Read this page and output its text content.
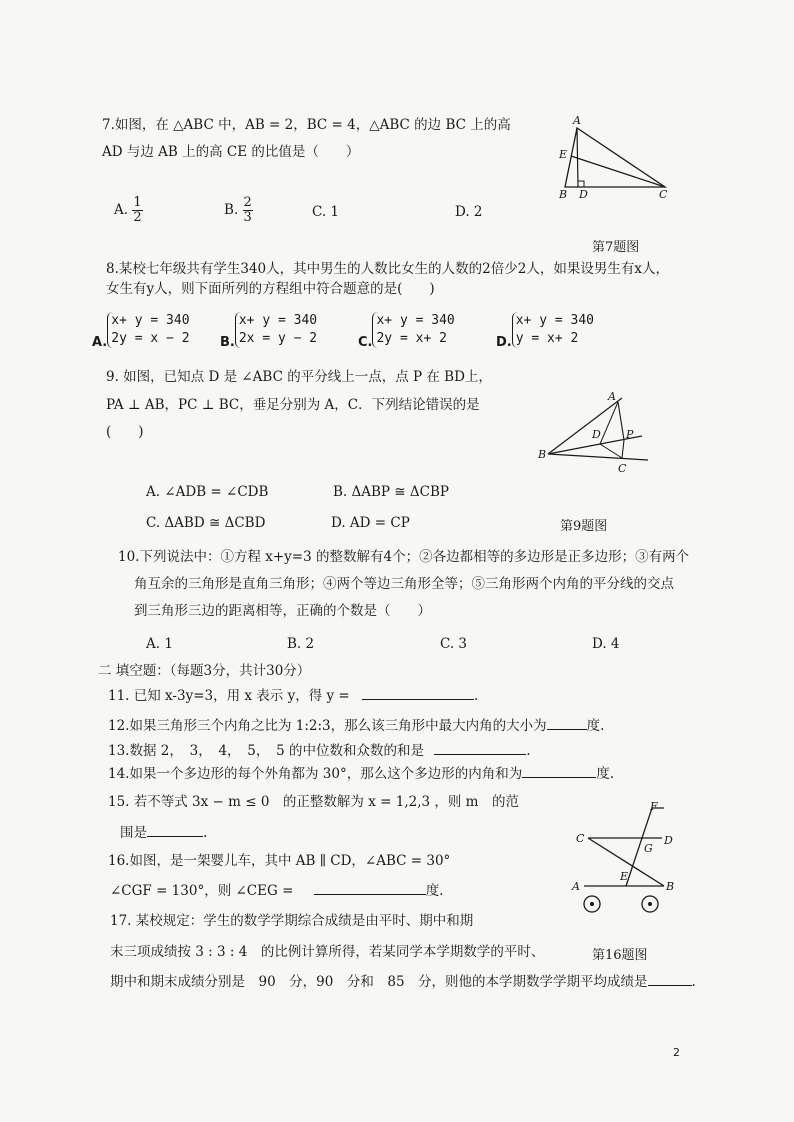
7.如图，在 △ABC 中，AB = 2，BC = 4，△ABC 的边 BC 上的高
AD 与边 AB 上的高 CE 的比值是（　　）
A. $\frac{1}{2}$	B. $\frac{2}{3}$	C. 1	D. 2
A
E
B D	C
第7题图
8.某校七年级共有学生340人，其中男生的人数比女生的人数的2倍少2人，如果设男生有x人，
女生有y人，则下面所列的方程组中符合题意的是(　　)
A.x+ y = 340
2y = x − 2 B.x+ y = 340
2x = y − 2	C.x+ y = 340
2y = x+ 2	D.x+ y = 340
y = x+ 2
9. 如图，已知点 D 是 ∠ABC 的平分线上一点，点 P 在 BD上，
PA ⊥ AB，PC ⊥ BC，垂足分别为 A，C．下列结论错误的是
(　　)
A
D P
B
C
A. ∠ADB = ∠CDB	B. ΔABP ≅ ΔCBP
C. ΔABD ≅ ΔCBD	D. AD = CP	第9题图
10.下列说法中：①方程 x+y=3 的整数解有4个；②各边都相等的多边形是正多边形；③有两个
角互余的三角形是直角三角形；④两个等边三角形全等；⑤三角形两个内角的平分线的交点
到三角形三边的距离相等，正确的个数是（　　）
A. 1	B. 2	C. 3	D. 4
二 填空题：（每题3分，共计30分）
11. 已知 x-3y=3，用 x 表示 y，得 y =	.
12.如果三角形三个内角之比为 1:2:3，那么该三角形中最大内角的大小为	度.
13.数据 2，　3，　4，　5，　5 的中位数和众数的和是	.
14.如果一个多边形的每个外角都为 30°，那么这个多边形的内角和为	度.
15. 若不等式 3x − m ≤ 0　的正整数解为 x = 1,2,3 ，则 m　的范
围是	.
16.如图，是一架婴儿车，其中 AB ∥ CD，∠ABC = 30°
∠CGF = 130°，则 ∠CEG =	度.
F
C	D
G
E
A	B
17. 某校规定：学生的数学学期综合成绩是由平时、期中和期
末三项成绩按 3 : 3 : 4　的比例计算所得，若某同学本学期数学的平时、	第16题图
期中和期末成绩分别是　90　分，90　分和　85　分，则他的本学期数学学期平均成绩是	.
2
